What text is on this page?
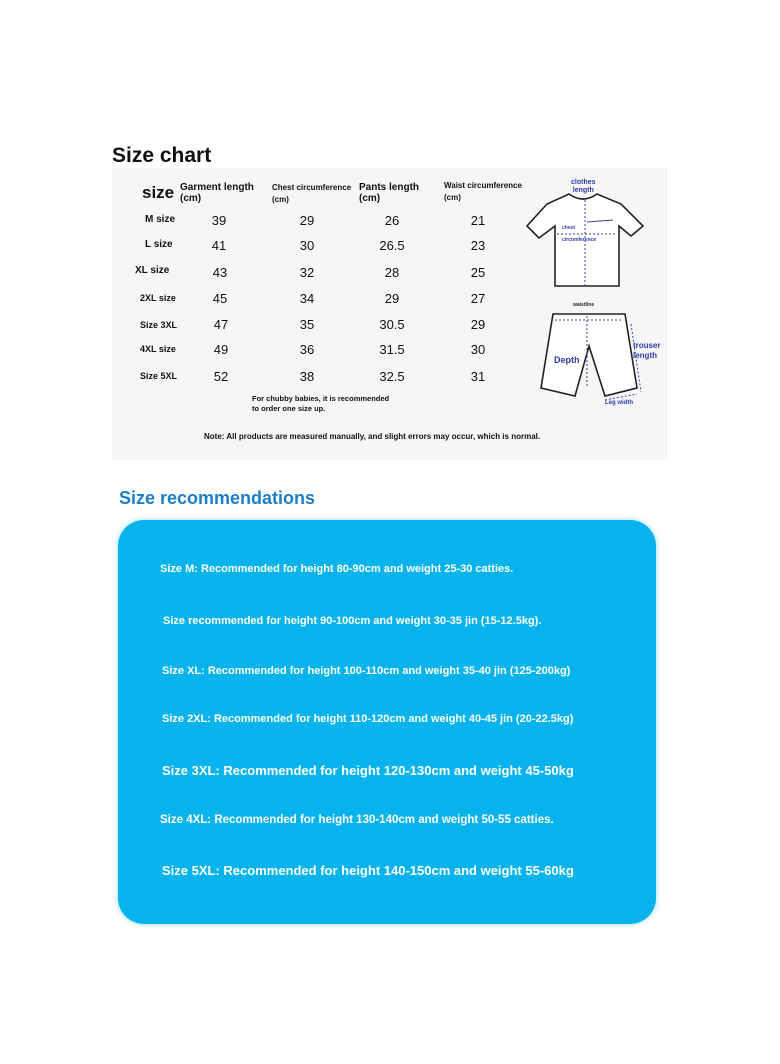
Size chart
size Garment length
(cm)
Chest circumference
(cm)
Pants length
(cm)
Waist circumference
(cm)
M size	39	29	26	21
L size	41	30	26.5	23
XL size	43	32	28	25
2XL size	45	34	29	27
Size 3XL	47	35	30.5	29
4XL size	49	36	31.5	30
Size 5XL	52	38	32.5	31
For chubby babies, it is recommended
to order one size up.
Note: All products are measured manually, and slight errors may occur, which is normal.
clothes
length
chest
circumference
waistline
Depth
trouser
length
Leg width
Size recommendations
Size M: Recommended for height 80-90cm and weight 25-30 catties.
Size recommended for height 90-100cm and weight 30-35 jin (15-12.5kg).
Size XL: Recommended for height 100-110cm and weight 35-40 jin (125-200kg)
Size 2XL: Recommended for height 110-120cm and weight 40-45 jin (20-22.5kg)
Size 3XL: Recommended for height 120-130cm and weight 45-50kg
Size 4XL: Recommended for height 130-140cm and weight 50-55 catties.
Size 5XL: Recommended for height 140-150cm and weight 55-60kg
